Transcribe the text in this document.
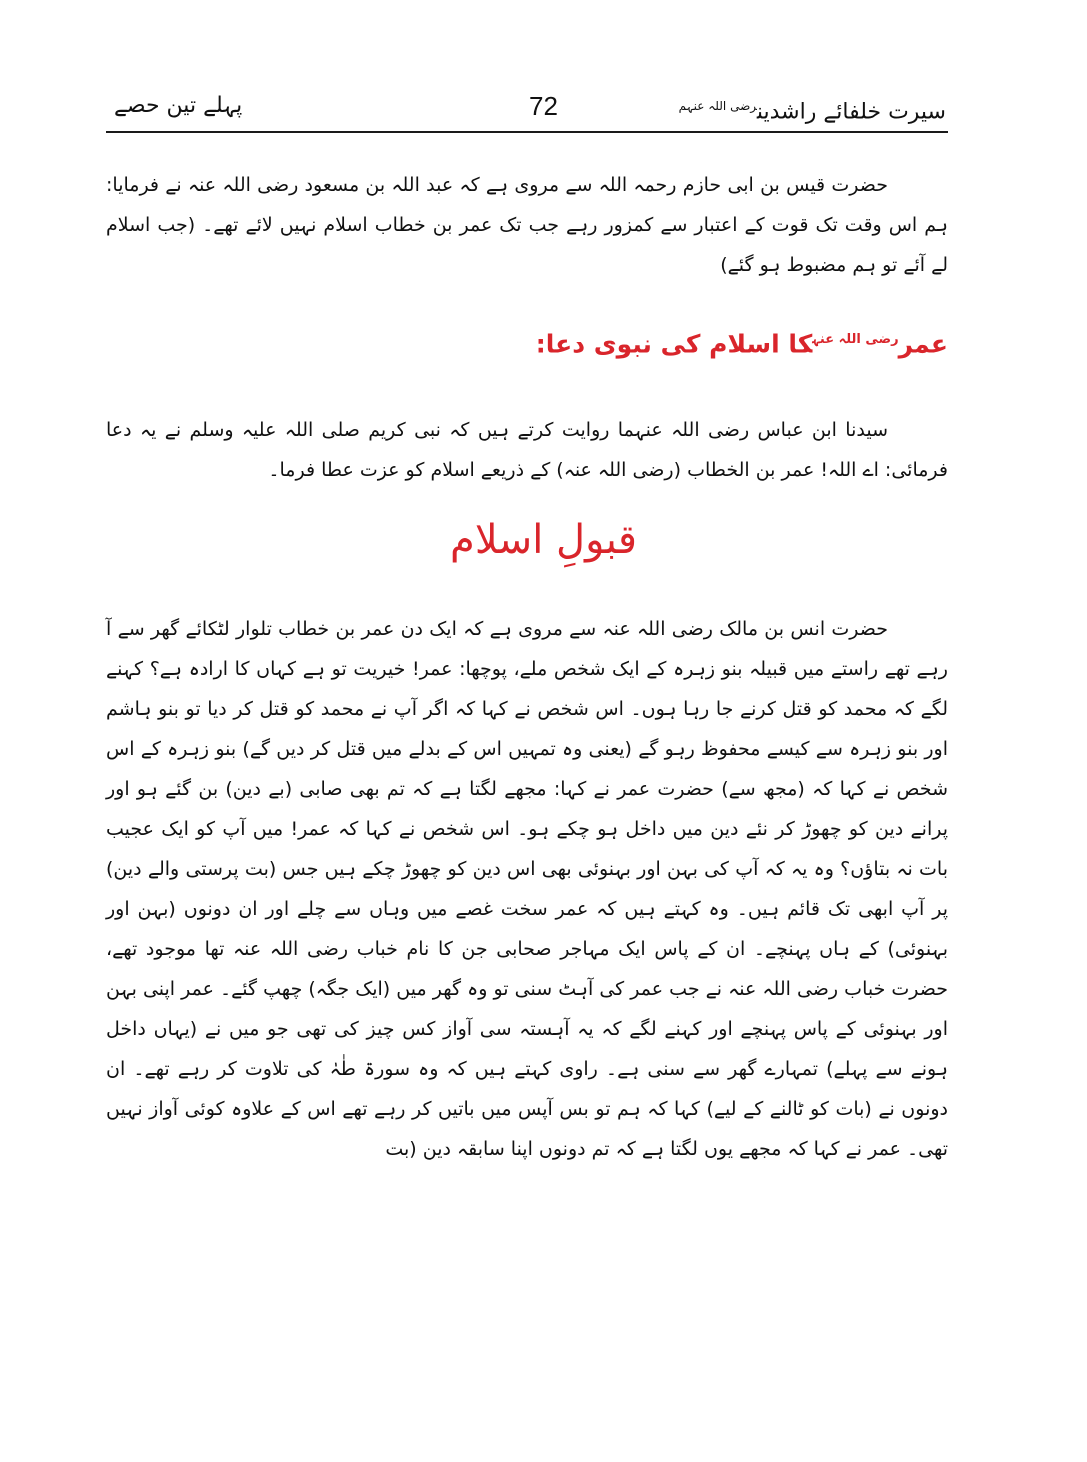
سیرت خلفائے راشدین$^{رضی اللہ عنہم}$
72
پہلے تین حصے

حضرت قیس بن ابی حازم رحمہ اللہ سے مروی ہے کہ عبد اللہ بن مسعود رضی اللہ عنہ نے فرمایا: ہم اس وقت تک قوت کے اعتبار سے کمزور رہے جب تک عمر بن خطاب اسلام نہیں لائے تھے۔ (جب اسلام لے آئے تو ہم مضبوط ہو گئے)

عمر$^{رضی اللہ عنہ}$کا اسلام کی نبوی دعا:

سیدنا ابن عباس رضی اللہ عنہما روایت کرتے ہیں کہ نبی کریم صلی اللہ علیہ وسلم نے یہ دعا فرمائی: اے اللہ! عمر بن الخطاب (رضی اللہ عنہ) کے ذریعے اسلام کو عزت عطا فرما۔

قبولِ اسلام

حضرت انس بن مالک رضی اللہ عنہ سے مروی ہے کہ ایک دن عمر بن خطاب تلوار لٹکائے گھر سے آ رہے تھے راستے میں قبیلہ بنو زہرہ کے ایک شخص ملے، پوچھا: عمر! خیریت تو ہے کہاں کا ارادہ ہے؟ کہنے لگے کہ محمد کو قتل کرنے جا رہا ہوں۔ اس شخص نے کہا کہ اگر آپ نے محمد کو قتل کر دیا تو بنو ہاشم اور بنو زہرہ سے کیسے محفوظ رہو گے (یعنی وہ تمہیں اس کے بدلے میں قتل کر دیں گے) بنو زہرہ کے اس شخص نے کہا کہ (مجھ سے) حضرت عمر نے کہا: مجھے لگتا ہے کہ تم بھی صابی (بے دین) بن گئے ہو اور پرانے دین کو چھوڑ کر نئے دین میں داخل ہو چکے ہو۔ اس شخص نے کہا کہ عمر! میں آپ کو ایک عجیب بات نہ بتاؤں؟ وہ یہ کہ آپ کی بہن اور بہنوئی بھی اس دین کو چھوڑ چکے ہیں جس (بت پرستی والے دین) پر آپ ابھی تک قائم ہیں۔ وہ کہتے ہیں کہ عمر سخت غصے میں وہاں سے چلے اور ان دونوں (بہن اور بہنوئی) کے ہاں پہنچے۔ ان کے پاس ایک مہاجر صحابی جن کا نام خباب رضی اللہ عنہ تھا موجود تھے، حضرت خباب رضی اللہ عنہ نے جب عمر کی آہٹ سنی تو وہ گھر میں (ایک جگہ) چھپ گئے۔ عمر اپنی بہن اور بہنوئی کے پاس پہنچے اور کہنے لگے کہ یہ آہستہ سی آواز کس چیز کی تھی جو میں نے (یہاں داخل ہونے سے پہلے) تمہارے گھر سے سنی ہے۔ راوی کہتے ہیں کہ وہ سورۃ طٰہٰ کی تلاوت کر رہے تھے۔ ان دونوں نے (بات کو ٹالنے کے لیے) کہا کہ ہم تو بس آپس میں باتیں کر رہے تھے اس کے علاوہ کوئی آواز نہیں تھی۔ عمر نے کہا کہ مجھے یوں لگتا ہے کہ تم دونوں اپنا سابقہ دین (بت
